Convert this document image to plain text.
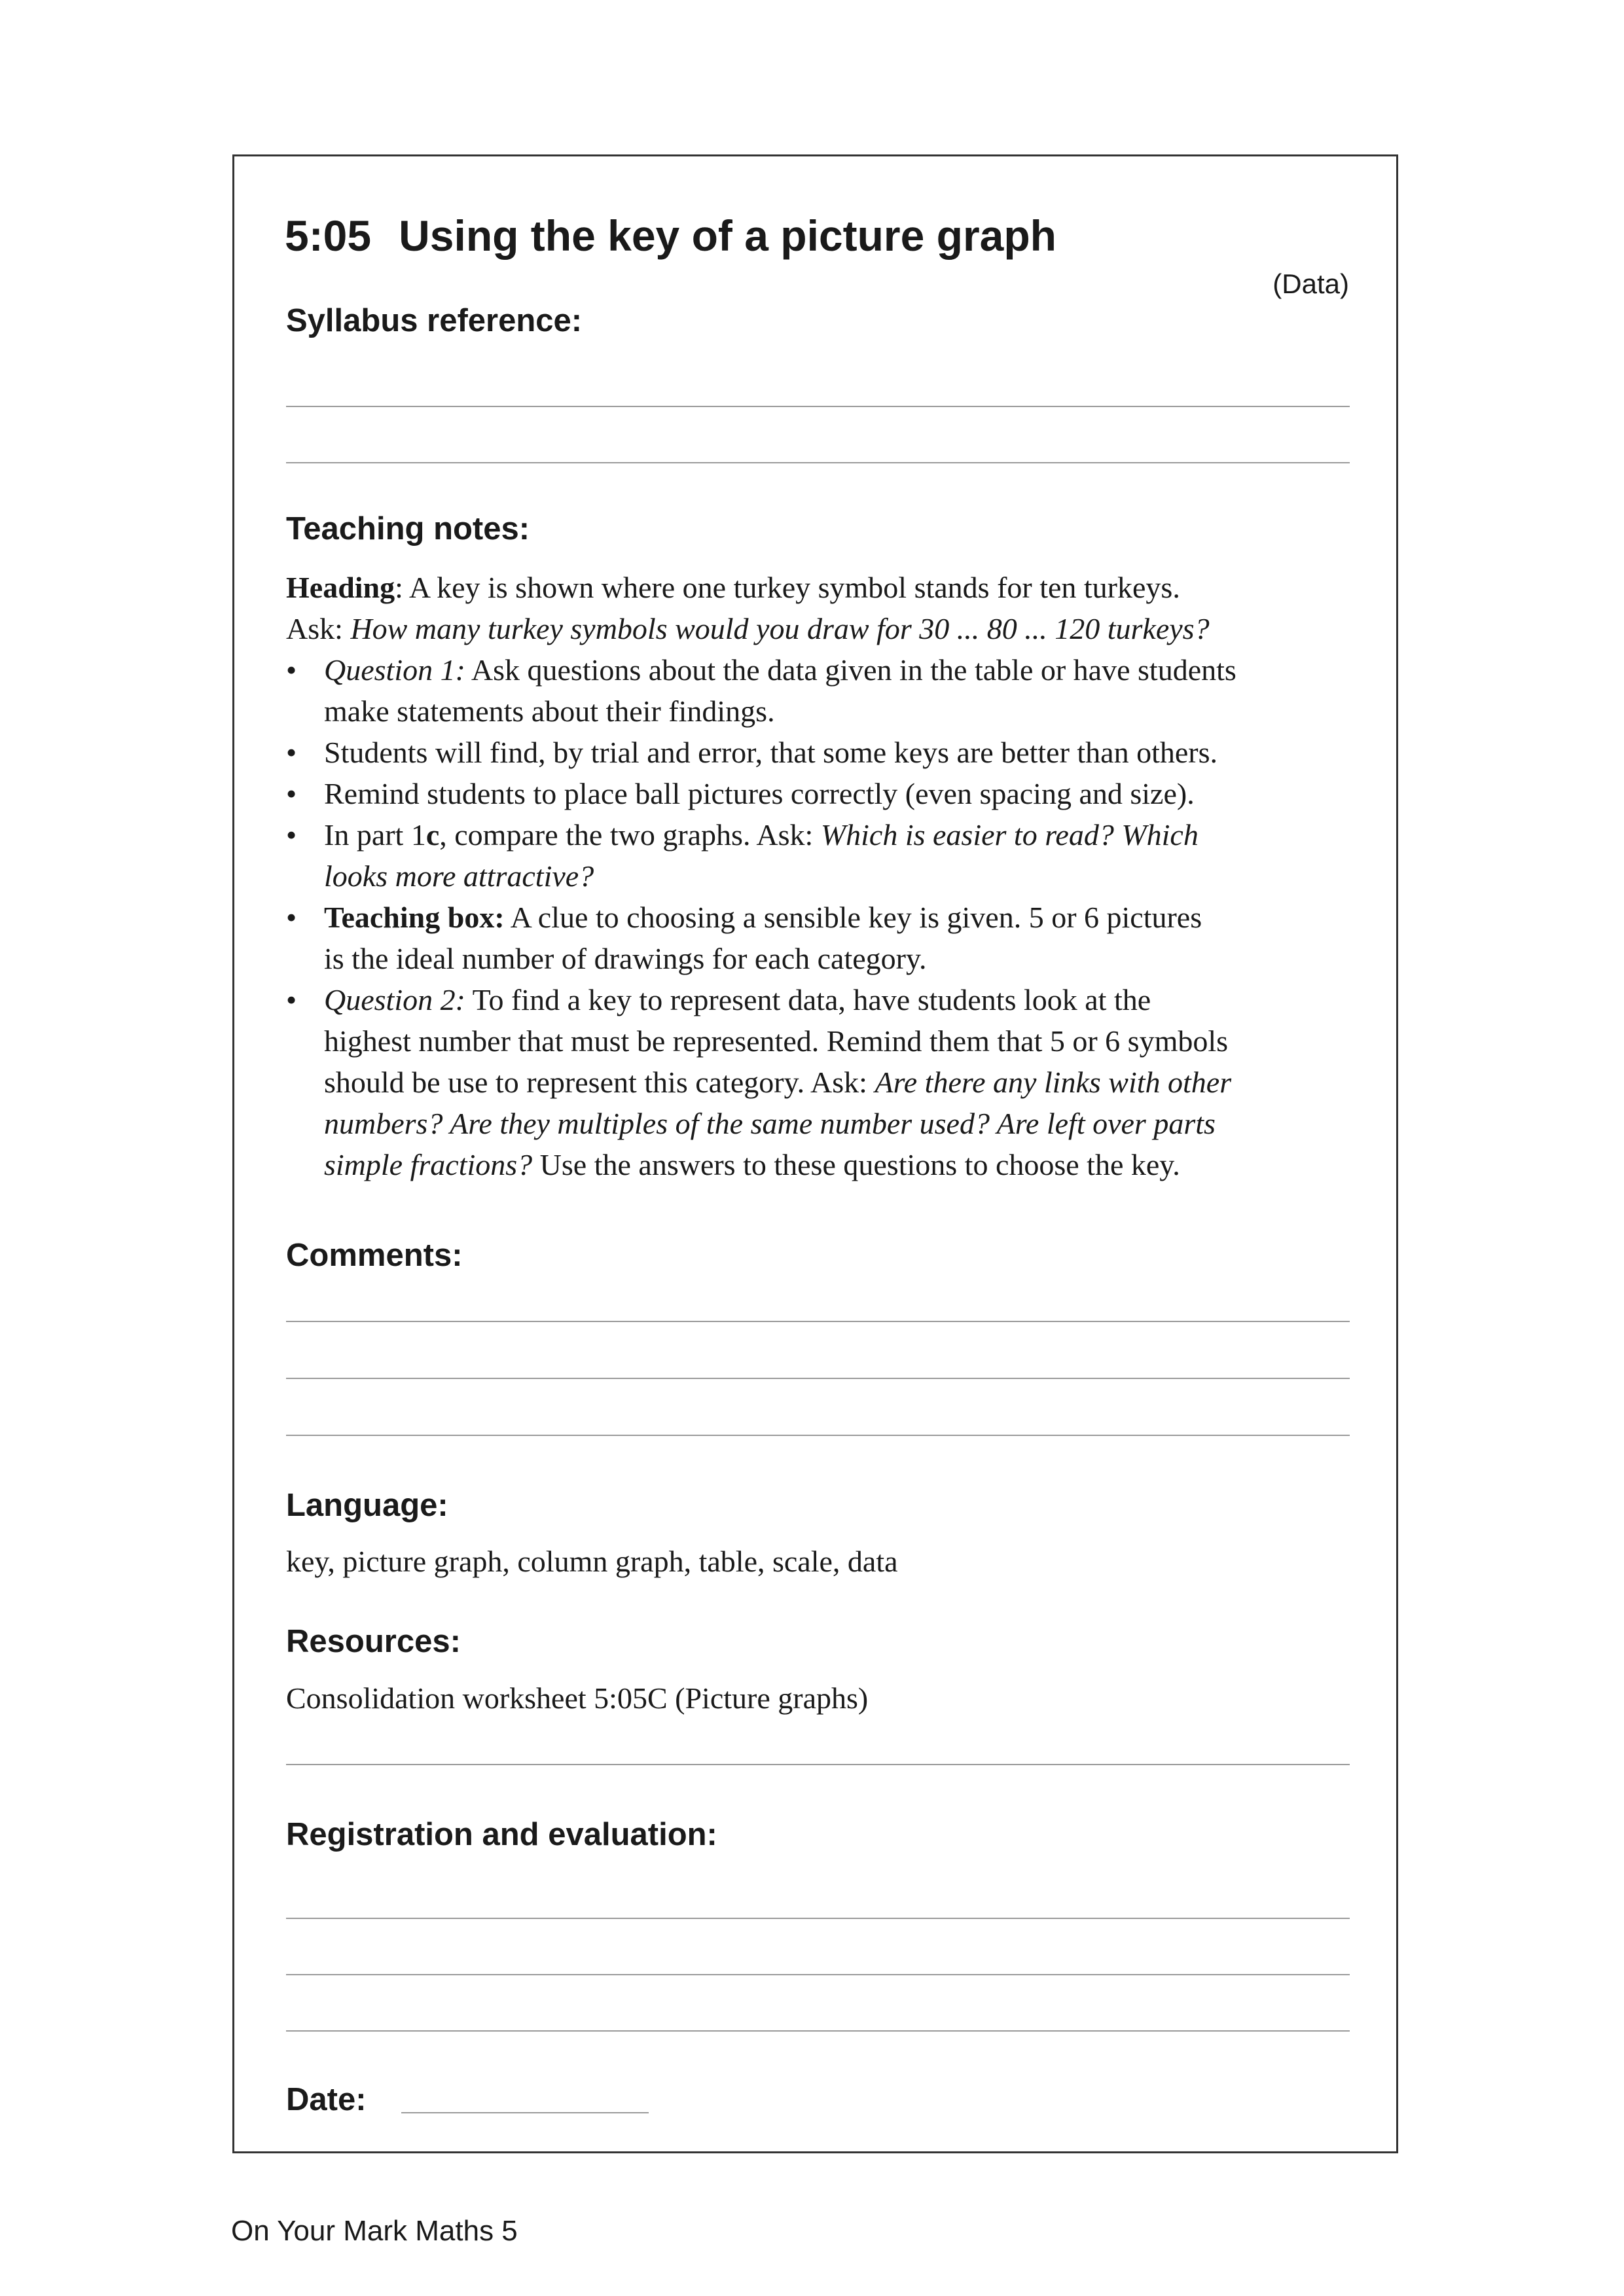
5:05 Using the key of a picture graph
(Data)
Syllabus reference:
Teaching notes:

Heading: A key is shown where one turkey symbol stands for ten turkeys.

Ask: How many turkey symbols would you draw for 30 ... 80 ... 120 turkeys?

• Question 1: Ask questions about the data given in the table or have students
make statements about their findings.
• Students will find, by trial and error, that some keys are better than others.
• Remind students to place ball pictures correctly (even spacing and size).
• In part 1c, compare the two graphs. Ask: Which is easier to read? Which
looks more attractive?
• Teaching box: A clue to choosing a sensible key is given. 5 or 6 pictures
is the ideal number of drawings for each category.
• Question 2: To find a key to represent data, have students look at the
highest number that must be represented. Remind them that 5 or 6 symbols
should be use to represent this category. Ask: Are there any links with other
numbers? Are they multiples of the same number used? Are left over parts
simple fractions? Use the answers to these questions to choose the key.
Comments:
Language:
key, picture graph, column graph, table, scale, data
Resources:
Consolidation worksheet 5:05C (Picture graphs)
Registration and evaluation:
Date:
On Your Mark Maths 5
